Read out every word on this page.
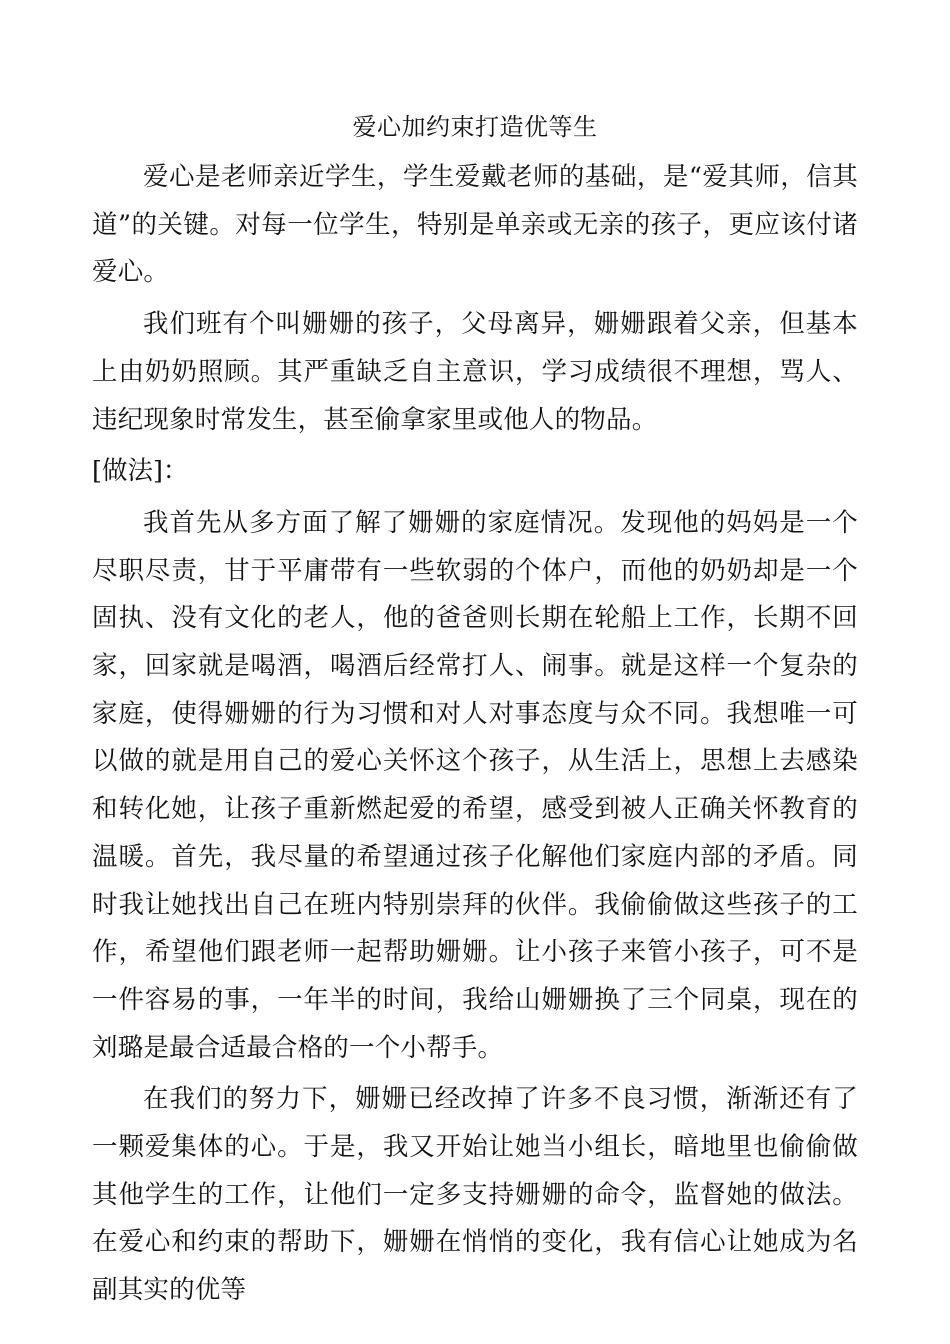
爱心加约束打造优等生

爱心是老师亲近学生，学生爱戴老师的基础，是“爱其师，信其道”的关键。对每一位学生，特别是单亲或无亲的孩子，更应该付诸爱心。

我们班有个叫姗姗的孩子，父母离异，姗姗跟着父亲，但基本上由奶奶照顾。其严重缺乏自主意识，学习成绩很不理想，骂人、违纪现象时常发生，甚至偷拿家里或他人的物品。

[做法]：

我首先从多方面了解了姗姗的家庭情况。发现他的妈妈是一个尽职尽责，甘于平庸带有一些软弱的个体户，而他的奶奶却是一个固执、没有文化的老人，他的爸爸则长期在轮船上工作，长期不回家，回家就是喝酒，喝酒后经常打人、闹事。就是这样一个复杂的家庭，使得姗姗的行为习惯和对人对事态度与众不同。我想唯一可以做的就是用自己的爱心关怀这个孩子，从生活上，思想上去感染和转化她，让孩子重新燃起爱的希望，感受到被人正确关怀教育的温暖。首先，我尽量的希望通过孩子化解他们家庭内部的矛盾。同时我让她找出自己在班内特别崇拜的伙伴。我偷偷做这些孩子的工作，希望他们跟老师一起帮助姗姗。让小孩子来管小孩子，可不是一件容易的事，一年半的时间，我给山姗姗换了三个同桌，现在的刘璐是最合适最合格的一个小帮手。

在我们的努力下，姗姗已经改掉了许多不良习惯，渐渐还有了一颗爱集体的心。于是，我又开始让她当小组长，暗地里也偷偷做其他学生的工作，让他们一定多支持姗姗的命令，监督她的做法。在爱心和约束的帮助下，姗姗在悄悄的变化，我有信心让她成为名副其实的优等
